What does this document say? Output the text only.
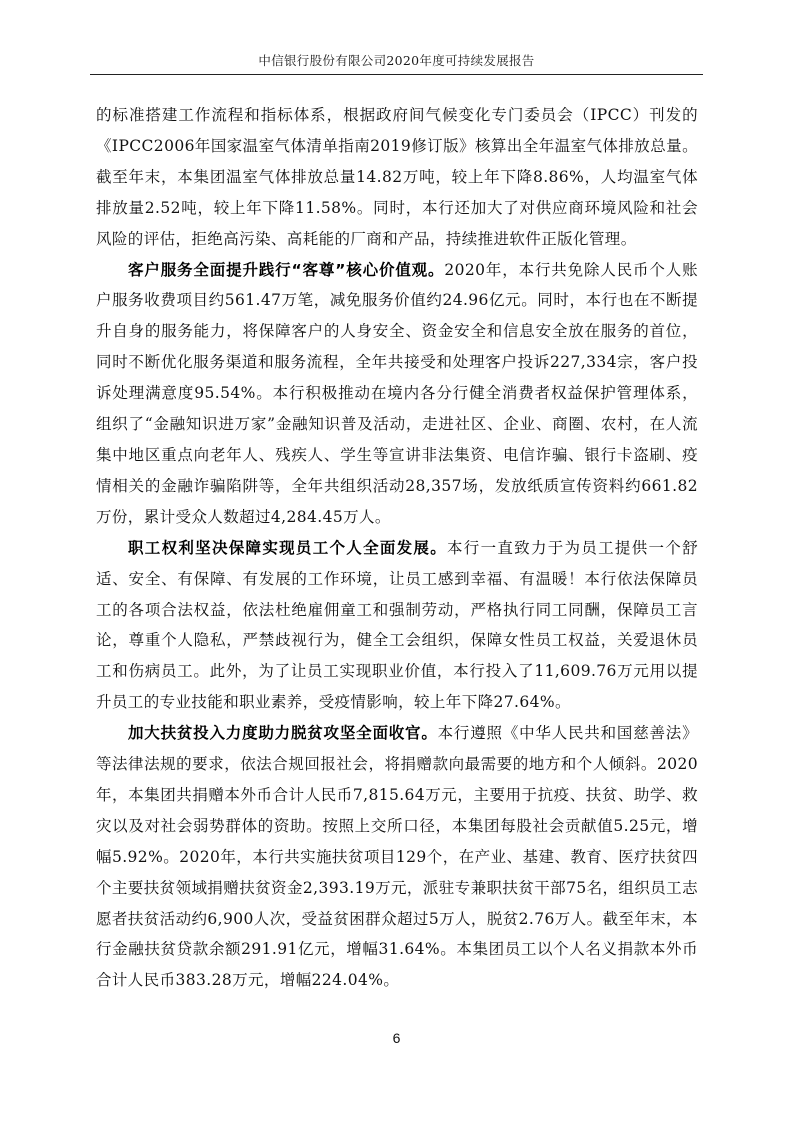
中信银行股份有限公司2020年度可持续发展报告

的标准搭建工作流程和指标体系，根据政府间气候变化专门委员会（IPCC）刊发的《IPCC2006年国家温室气体清单指南2019修订版》核算出全年温室气体排放总量。截至年末，本集团温室气体排放总量14.82万吨，较上年下降8.86%，人均温室气体排放量2.52吨，较上年下降11.58%。同时，本行还加大了对供应商环境风险和社会风险的评估，拒绝高污染、高耗能的厂商和产品，持续推进软件正版化管理。

客户服务全面提升践行“客尊”核心价值观。2020年，本行共免除人民币个人账户服务收费项目约561.47万笔，减免服务价值约24.96亿元。同时，本行也在不断提升自身的服务能力，将保障客户的人身安全、资金安全和信息安全放在服务的首位，同时不断优化服务渠道和服务流程，全年共接受和处理客户投诉227,334宗，客户投诉处理满意度95.54%。本行积极推动在境内各分行健全消费者权益保护管理体系，组织了“金融知识进万家”金融知识普及活动，走进社区、企业、商圈、农村，在人流集中地区重点向老年人、残疾人、学生等宣讲非法集资、电信诈骗、银行卡盗刷、疫情相关的金融诈骗陷阱等，全年共组织活动28,357场，发放纸质宣传资料约661.82万份，累计受众人数超过4,284.45万人。

职工权利坚决保障实现员工个人全面发展。本行一直致力于为员工提供一个舒适、安全、有保障、有发展的工作环境，让员工感到幸福、有温暖！本行依法保障员工的各项合法权益，依法杜绝雇佣童工和强制劳动，严格执行同工同酬，保障员工言论，尊重个人隐私，严禁歧视行为，健全工会组织，保障女性员工权益，关爱退休员工和伤病员工。此外，为了让员工实现职业价值，本行投入了11,609.76万元用以提升员工的专业技能和职业素养，受疫情影响，较上年下降27.64%。

加大扶贫投入力度助力脱贫攻坚全面收官。本行遵照《中华人民共和国慈善法》等法律法规的要求，依法合规回报社会，将捐赠款向最需要的地方和个人倾斜。2020年，本集团共捐赠本外币合计人民币7,815.64万元，主要用于抗疫、扶贫、助学、救灾以及对社会弱势群体的资助。按照上交所口径，本集团每股社会贡献值5.25元，增幅5.92%。2020年，本行共实施扶贫项目129个，在产业、基建、教育、医疗扶贫四个主要扶贫领域捐赠扶贫资金2,393.19万元，派驻专兼职扶贫干部75名，组织员工志愿者扶贫活动约6,900人次，受益贫困群众超过5万人，脱贫2.76万人。截至年末，本行金融扶贫贷款余额291.91亿元，增幅31.64%。本集团员工以个人名义捐款本外币合计人民币383.28万元，增幅224.04%。

6
